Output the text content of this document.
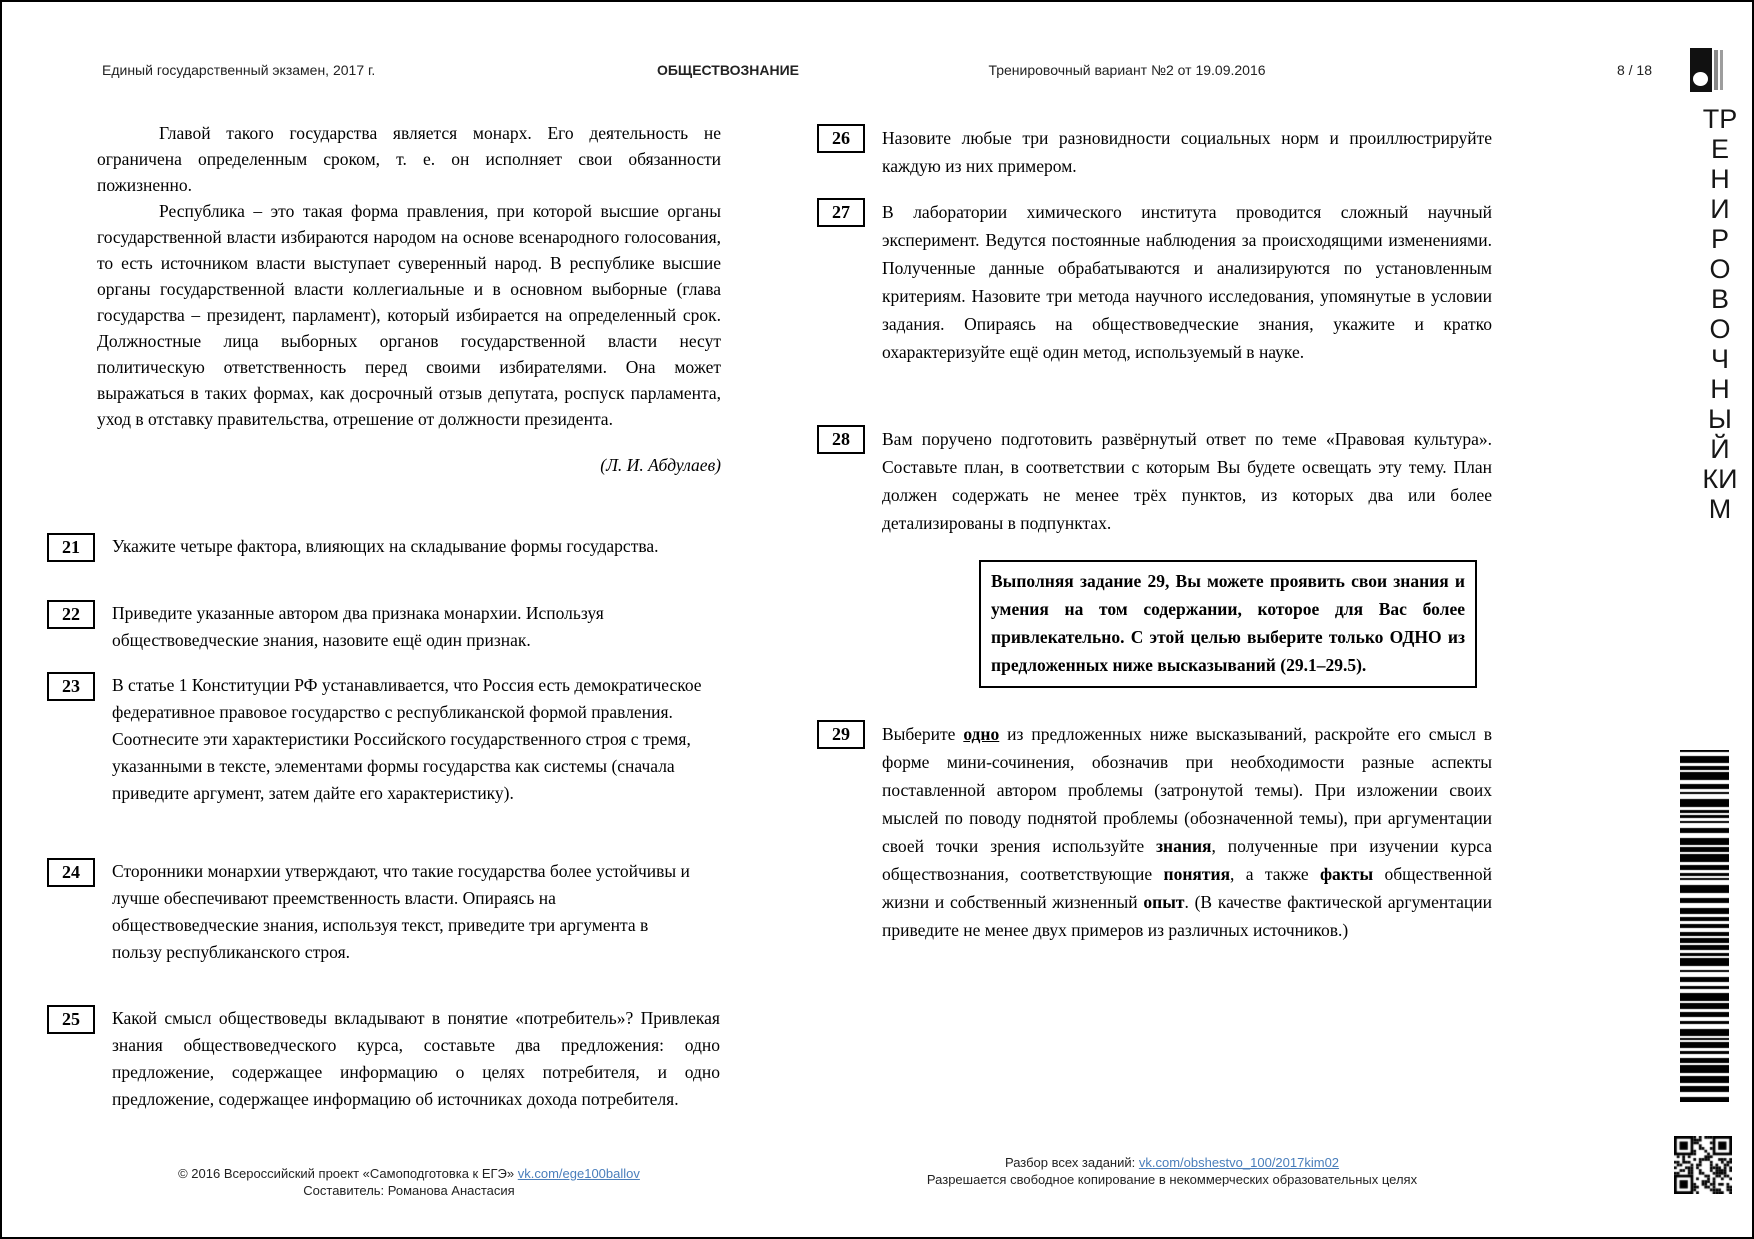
Единый государственный экзамен, 2017 г.	ОБЩЕСТВОЗНАНИЕ	Тренировочный вариант №2 от 19.09.2016	8 / 18
ТР
Е
Н
И
Р
О
В
О
Ч
Н
Ы
Й
КИ
М

Главой такого государства является монарх. Его деятельность не ограничена определенным сроком, т. е. он исполняет свои обязанности пожизненно.

Республика – это такая форма правления, при которой высшие органы государственной власти избираются народом на основе всенародного голосования, то есть источником власти выступает суверенный народ. В республике высшие органы государственной власти коллегиальные и в основном выборные (глава государства – президент, парламент), который избирается на определенный срок. Должностные лица выборных органов государственной власти несут политическую ответственность перед своими избирателями. Она может выражаться в таких формах, как досрочный отзыв депутата, роспуск парламента, уход в отставку правительства, отрешение от должности президента.

(Л. И. Абдулаев)
21	Укажите четыре фактора, влияющих на складывание формы государства.
22	Приведите указанные автором два признака монархии. Используя обществоведческие знания, назовите ещё один признак.
23	В статье 1 Конституции РФ устанавливается, что Россия есть демократическое федеративное правовое государство с республиканской формой правления. Соотнесите эти характеристики Российского государственного строя с тремя, указанными в тексте, элементами формы государства как системы (сначала приведите аргумент, затем дайте его характеристику).
24	Сторонники монархии утверждают, что такие государства более устойчивы и лучше обеспечивают преемственность власти. Опираясь на обществоведческие знания, используя текст, приведите три аргумента в пользу республиканского строя.
25	Какой смысл обществоведы вкладывают в понятие «потребитель»? Привлекая знания обществоведческого курса, составьте два предложения: одно предложение, содержащее информацию о целях потребителя, и одно предложение, содержащее информацию об источниках дохода потребителя.
26	Назовите любые три разновидности социальных норм и проиллюстрируйте каждую из них примером.
27	В лаборатории химического института проводится сложный научный эксперимент. Ведутся постоянные наблюдения за происходящими изменениями. Полученные данные обрабатываются и анализируются по установленным критериям. Назовите три метода научного исследования, упомянутые в условии задания. Опираясь на обществоведческие знания, укажите и кратко охарактеризуйте ещё один метод, используемый в науке.
28	Вам поручено подготовить развёрнутый ответ по теме «Правовая культура». Составьте план, в соответствии с которым Вы будете освещать эту тему. План должен содержать не менее трёх пунктов, из которых два или более детализированы в подпунктах.
Выполняя задание 29, Вы можете проявить свои знания и умения на том содержании, которое для Вас более привлекательно. С этой целью выберите только ОДНО из предложенных ниже высказываний (29.1–29.5).
29	Выберите одно из предложенных ниже высказываний, раскройте его смысл в форме мини-сочинения, обозначив при необходимости разные аспекты поставленной автором проблемы (затронутой темы). При изложении своих мыслей по поводу поднятой проблемы (обозначенной темы), при аргументации своей точки зрения используйте знания, полученные при изучении курса обществознания, соответствующие понятия, а также факты общественной жизни и собственный жизненный опыт. (В качестве фактической аргументации приведите не менее двух примеров из различных источников.)
© 2016 Всероссийский проект «Самоподготовка к ЕГЭ» vk.com/ege100ballov
Составитель: Романова Анастасия
Разбор всех заданий: vk.com/obshestvo_100/2017kim02
Разрешается свободное копирование в некоммерческих образовательных целях
